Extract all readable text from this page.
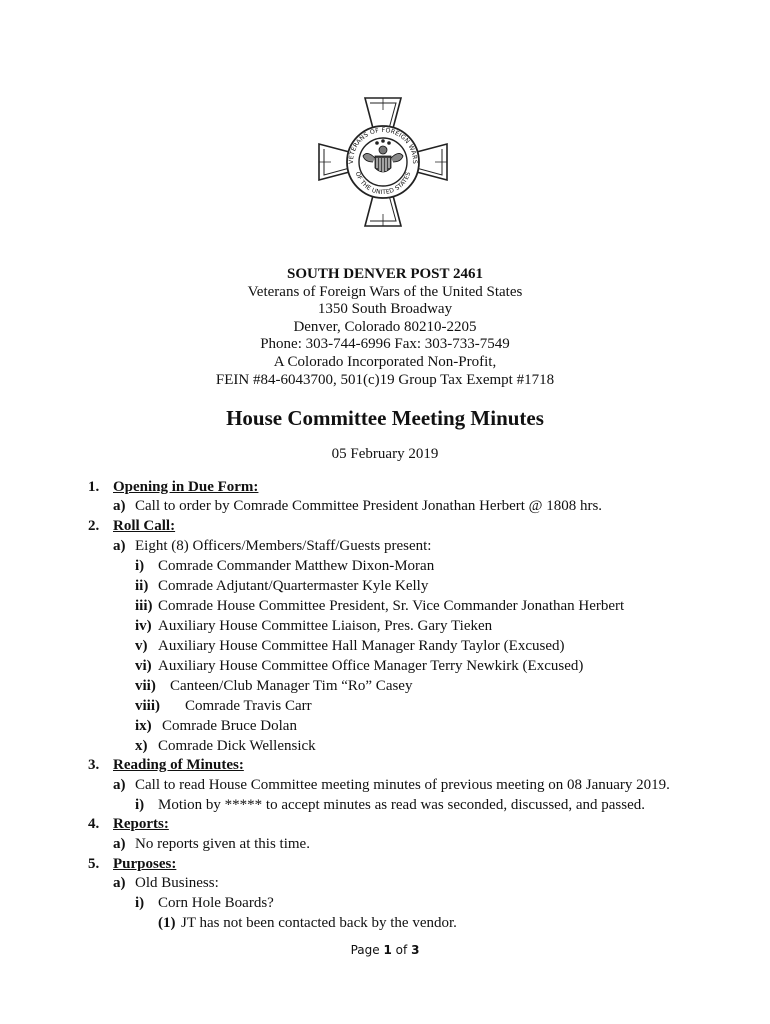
VETERANS OF FOREIGN WARS
OF THE UNITED STATES
SOUTH DENVER POST 2461
Veterans of Foreign Wars of the United States
1350 South Broadway
Denver, Colorado 80210-2205
Phone: 303-744-6996 Fax: 303-733-7549
A Colorado Incorporated Non-Profit,
FEIN #84-6043700, 501(c)19 Group Tax Exempt #1718
House Committee Meeting Minutes
05 February 2019
1. Opening in Due Form:
a) Call to order by Comrade Committee President Jonathan Herbert @ 1808 hrs.
2. Roll Call:
a) Eight (8) Officers/Members/Staff/Guests present:
i) Comrade Commander Matthew Dixon-Moran
ii) Comrade Adjutant/Quartermaster Kyle Kelly
iii) Comrade House Committee President, Sr. Vice Commander Jonathan Herbert
iv) Auxiliary House Committee Liaison, Pres. Gary Tieken
v) Auxiliary House Committee Hall Manager Randy Taylor (Excused)
vi) Auxiliary House Committee Office Manager Terry Newkirk (Excused)
vii) Canteen/Club Manager Tim “Ro” Casey
viii) Comrade Travis Carr
ix) Comrade Bruce Dolan
x) Comrade Dick Wellensick
3. Reading of Minutes:
a) Call to read House Committee meeting minutes of previous meeting on 08 January 2019.
i) Motion by ***** to accept minutes as read was seconded, discussed, and passed.
4. Reports:
a) No reports given at this time.
5. Purposes:
a) Old Business:
i) Corn Hole Boards?
(1) JT has not been contacted back by the vendor.
Page 1 of 3
